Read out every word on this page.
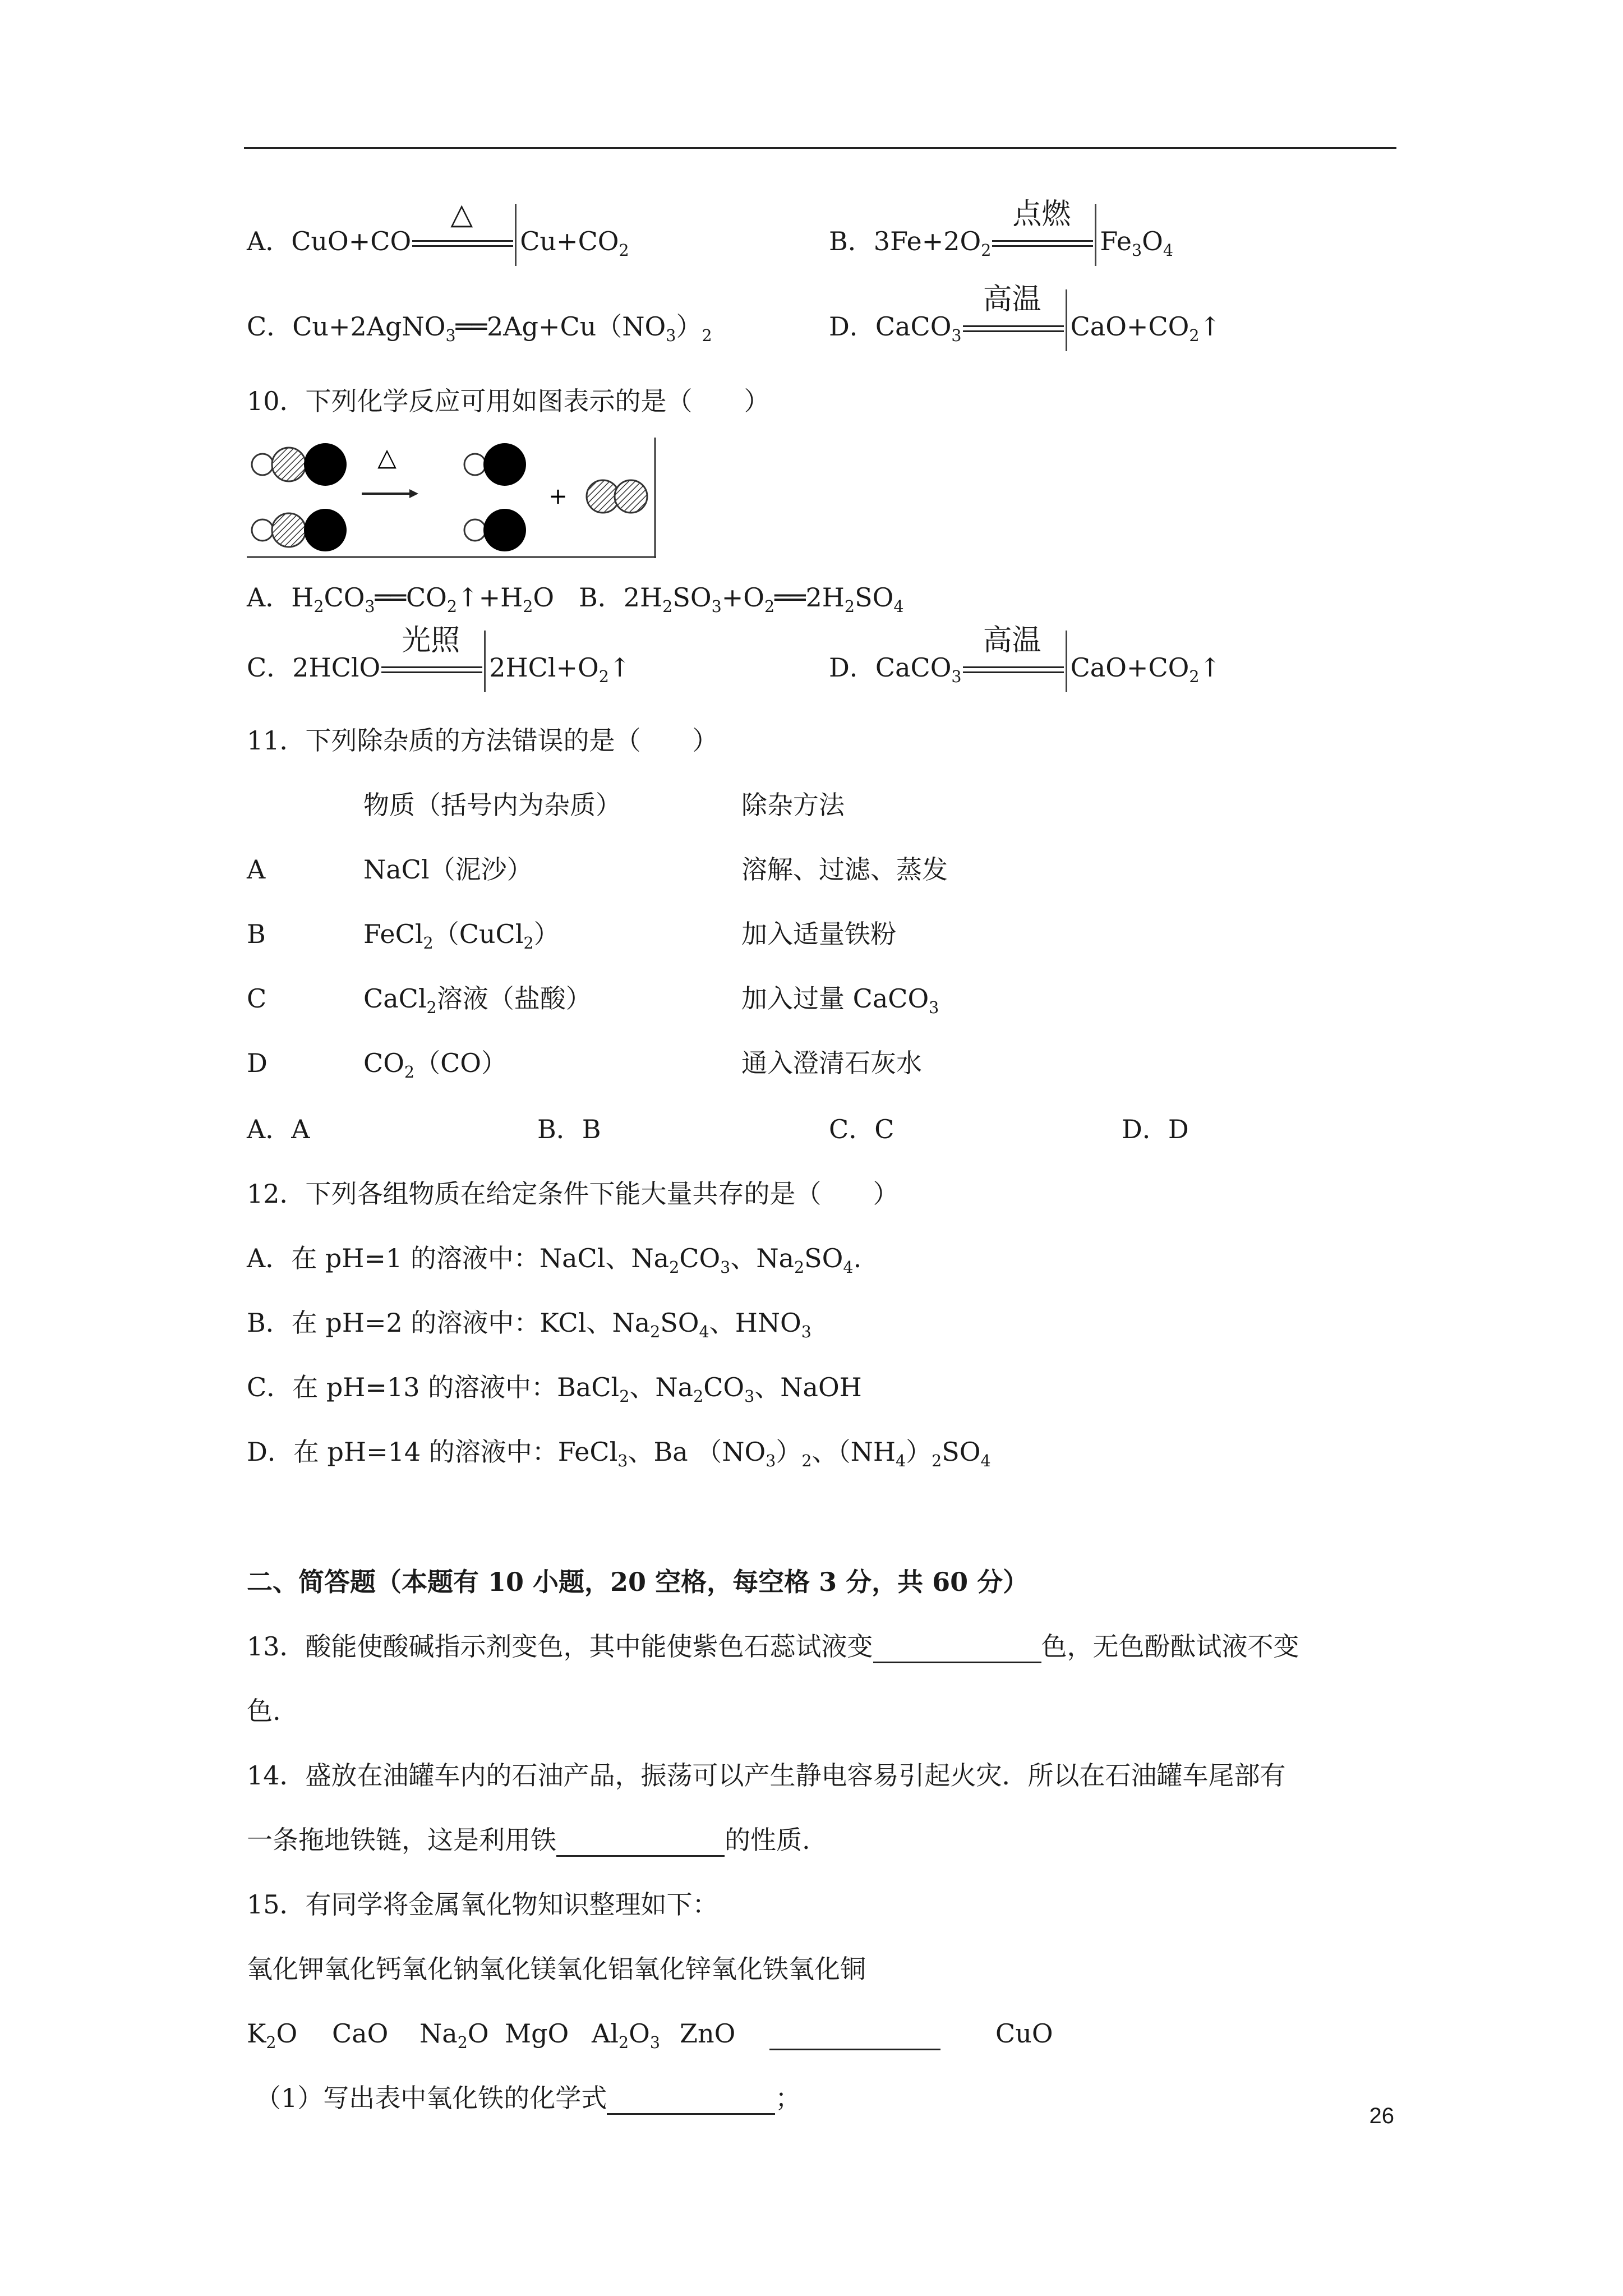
A．CuO+CO
△
$Cu+CO_2$	B．$3Fe+2O_2$
点燃
$Fe_3O_4$
C．$Cu+2AgNO_3══2Ag+Cu(NO_3)_2$	D．CaCO$_3$
高温
$CaO+CO_2↑$
10．下列化学反应可用如图表示的是（　　）
△
+
A．$H_2CO_3══CO_2↑+H_2O$ B．$2H_2SO_3+O_2══2H_2SO_4$
C．2HClO
光照
$2HCl+O_2↑$	D．CaCO$_3$
高温
$CaO+CO_2↑$
11．下列除杂质的方法错误的是（　　）
物质（括号内为杂质）	除杂方法
A	NaCl（泥沙）	溶解、过滤、蒸发
B	FeCl$_2$（CuCl$_2$）	加入适量铁粉
C	CaCl$_2$溶液（盐酸）	加入过量 CaCO$_3$
D	$CO_2(CO)$	通入澄清石灰水
A．A	B．B	C．C	D．D
12．下列各组物质在给定条件下能大量共存的是（　　）
A．在 pH=1 的溶液中：NaCl、$Na_2CO_3$、$Na_2SO_4$.
B．在 pH=2 的溶液中：KCl、$Na_2SO_4$、$HNO_3$
C．在 pH=13 的溶液中：BaCl$_2$、$Na_2CO_3$、NaOH
D．在 pH=14 的溶液中：FeCl$_3$、Ba $(NO_3)_2$、$(NH_4)_2SO_4$
二、简答题（本题有 10 小题，20 空格，每空格 3 分，共 60 分）
13．酸能使酸碱指示剂变色，其中能使紫色石蕊试液变	色，无色酚酞试液不变
色.
14．盛放在油罐车内的石油产品，振荡可以产生静电容易引起火灾．所以在石油罐车尾部有
一条拖地铁链，这是利用铁	的性质.
15．有同学将金属氧化物知识整理如下：
氧化钾氧化钙氧化钠氧化镁氧化铝氧化锌氧化铁氧化铜
$K_2O$ CaO $Na_2O$ MgO $Al_2O_3$ ZnO	CuO
（1）写出表中氧化铁的化学式	；
26
